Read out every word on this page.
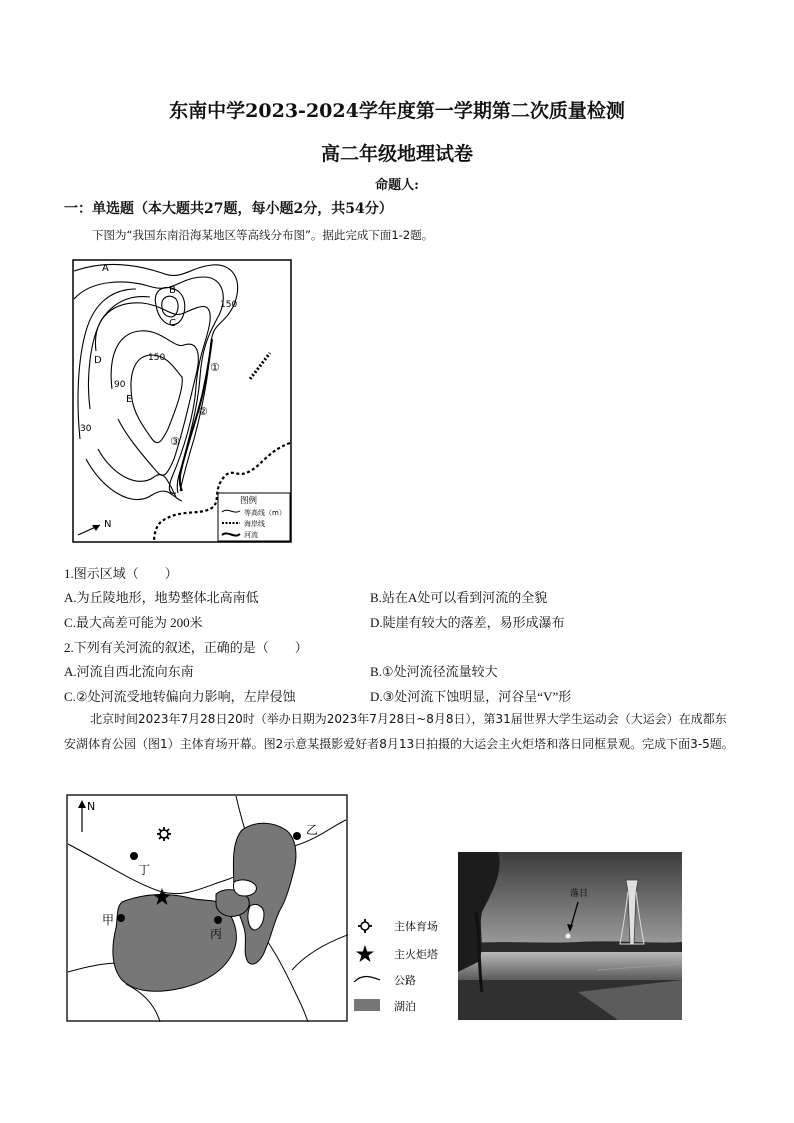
东南中学2023-2024学年度第一学期第二次质量检测
高二年级地理试卷
命题人:
一：单选题（本大题共27题，每小题2分，共54分）
下图为“我国东南沿海某地区等高线分布图”。据此完成下面1-2题。
A
B
C
D
E
150
150
90
30
①
②
③
N
图例
等高线（m）
海岸线
河流
1.图示区域（　　）
A.为丘陵地形，地势整体北高南低	B.站在A处可以看到河流的全貌
C.最大高差可能为 200米	D.陡崖有较大的落差，易形成瀑布
2.下列有关河流的叙述，正确的是（　　）
A.河流自西北流向东南	B.①处河流径流量较大
C.②处河流受地转偏向力影响，左岸侵蚀	D.③处河流下蚀明显，河谷呈“V”形
北京时间2023年7月28日20时（举办日期为2023年7月28日~8月8日），第31届世界大学生运动会（大运会）在成都东安湖体育公园（图1）主体育场开幕。图2示意某摄影爱好者8月13日拍摄的大运会主火炬塔和落日同框景观。完成下面3-5题。
N
丁
乙
甲
丙
主体育场
主火炬塔
公路
湖泊
落日
